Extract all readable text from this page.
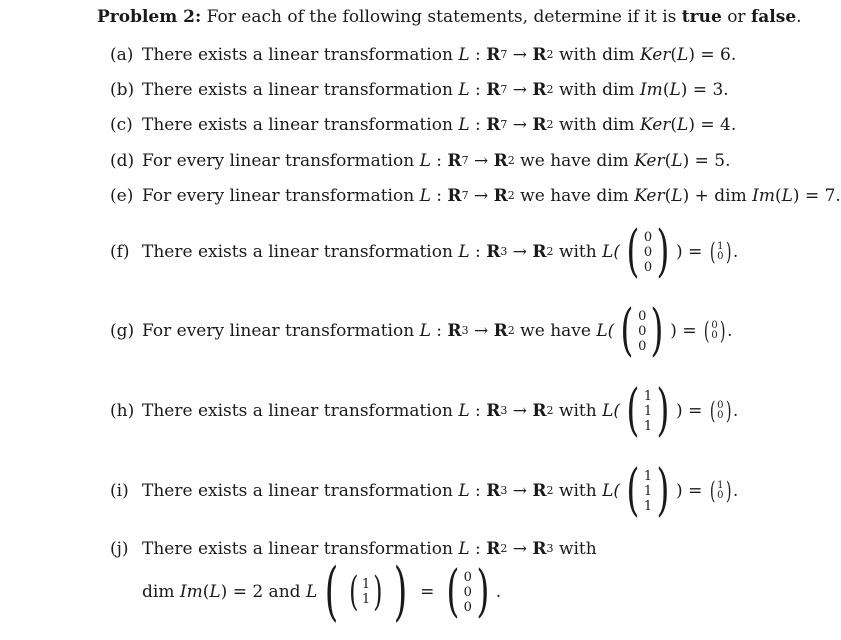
Problem 2:
For each of the following statements, determine if it is
true
or
false .
(a) There exists a linear transformation
L
:
R 7
→
R 2
with dim
Ker ( L )
= 6.
(b) There exists a linear transformation
L
:
R 7
→
R 2
with dim
Im ( L )
= 3.
(c) There exists a linear transformation
L
:
R 7
→
R 2
with dim
Ker ( L )
= 4.
(d) For every linear transformation
L
:
R 7
→
R 2
we have dim
Ker ( L )
= 5.
(e) For every linear transformation
L
:
R 7
→
R 2
we have dim
Ker ( L )
+ dim
Im ( L )
= 7.
(f) There exists a linear transformation
L
:
R 3
→
R 2
with
L( ( 0
0
0 ) )
=
( 1
0 ) .
(g) For every linear transformation
L
:
R 3
→
R 2
we have
L( ( 0
0
0 ) )
=
( 0
0 ) .
(h) There exists a linear transformation
L
:
R 3
→
R 2
with
L( ( 1
1
1 ) )
=
( 0
0 ) .
(i) There exists a linear transformation
L
:
R 3
→
R 2
with
L( ( 1
1
1 ) )
=
( 1
0 ) .
(j) There exists a linear transformation
L
:
R 2
→
R 3
with
dim
Im ( L )
= 2 and
L ( ( 1
1 ) )
=
( 0
0
0 ) .
